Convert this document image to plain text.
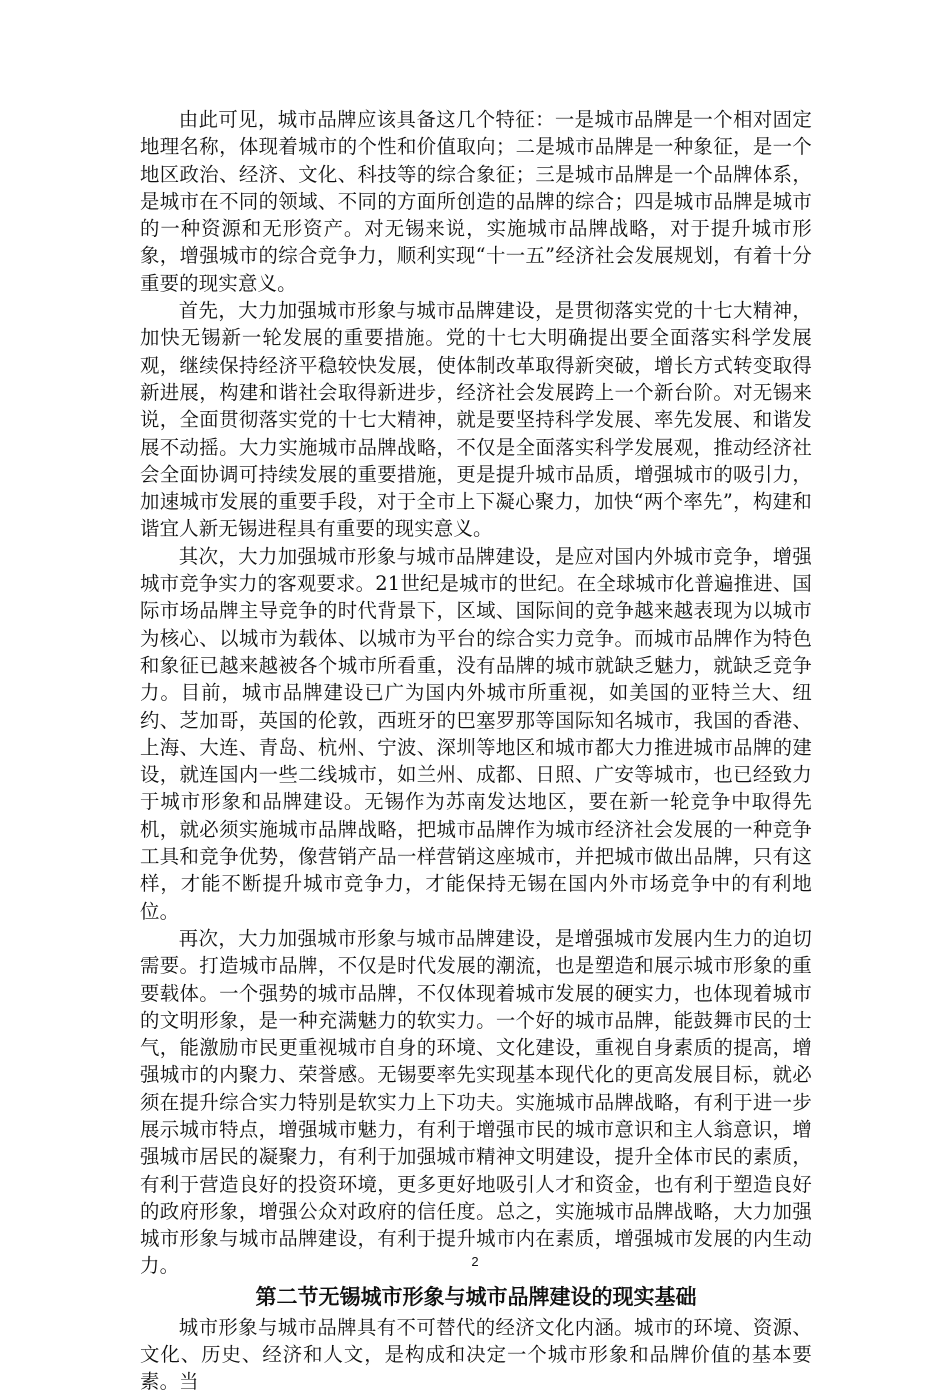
由此可见，城市品牌应该具备这几个特征：一是城市品牌是一个相对固定地理名称，体现着城市的个性和价值取向；二是城市品牌是一种象征，是一个地区政治、经济、文化、科技等的综合象征；三是城市品牌是一个品牌体系，是城市在不同的领域、不同的方面所创造的品牌的综合；四是城市品牌是城市的一种资源和无形资产。对无锡来说，实施城市品牌战略，对于提升城市形象，增强城市的综合竞争力，顺利实现“十一五”经济社会发展规划，有着十分重要的现实意义。

首先，大力加强城市形象与城市品牌建设，是贯彻落实党的十七大精神，加快无锡新一轮发展的重要措施。党的十七大明确提出要全面落实科学发展观，继续保持经济平稳较快发展，使体制改革取得新突破，增长方式转变取得新进展，构建和谐社会取得新进步，经济社会发展跨上一个新台阶。对无锡来说，全面贯彻落实党的十七大精神，就是要坚持科学发展、率先发展、和谐发展不动摇。大力实施城市品牌战略，不仅是全面落实科学发展观，推动经济社会全面协调可持续发展的重要措施，更是提升城市品质，增强城市的吸引力，加速城市发展的重要手段，对于全市上下凝心聚力，加快“两个率先”，构建和谐宜人新无锡进程具有重要的现实意义。

其次，大力加强城市形象与城市品牌建设，是应对国内外城市竞争，增强城市竞争实力的客观要求。21世纪是城市的世纪。在全球城市化普遍推进、国际市场品牌主导竞争的时代背景下，区域、国际间的竞争越来越表现为以城市为核心、以城市为载体、以城市为平台的综合实力竞争。而城市品牌作为特色和象征已越来越被各个城市所看重，没有品牌的城市就缺乏魅力，就缺乏竞争力。目前，城市品牌建设已广为国内外城市所重视，如美国的亚特兰大、纽约、芝加哥，英国的伦敦，西班牙的巴塞罗那等国际知名城市，我国的香港、上海、大连、青岛、杭州、宁波、深圳等地区和城市都大力推进城市品牌的建设，就连国内一些二线城市，如兰州、成都、日照、广安等城市，也已经致力于城市形象和品牌建设。无锡作为苏南发达地区，要在新一轮竞争中取得先机，就必须实施城市品牌战略，把城市品牌作为城市经济社会发展的一种竞争工具和竞争优势，像营销产品一样营销这座城市，并把城市做出品牌，只有这样，才能不断提升城市竞争力，才能保持无锡在国内外市场竞争中的有利地位。

再次，大力加强城市形象与城市品牌建设，是增强城市发展内生力的迫切需要。打造城市品牌，不仅是时代发展的潮流，也是塑造和展示城市形象的重要载体。一个强势的城市品牌，不仅体现着城市发展的硬实力，也体现着城市的文明形象，是一种充满魅力的软实力。一个好的城市品牌，能鼓舞市民的士气，能激励市民更重视城市自身的环境、文化建设，重视自身素质的提高，增强城市的内聚力、荣誉感。无锡要率先实现基本现代化的更高发展目标，就必须在提升综合实力特别是软实力上下功夫。实施城市品牌战略，有利于进一步展示城市特点，增强城市魅力，有利于增强市民的城市意识和主人翁意识，增强城市居民的凝聚力，有利于加强城市精神文明建设，提升全体市民的素质，有利于营造良好的投资环境，更多更好地吸引人才和资金，也有利于塑造良好的政府形象，增强公众对政府的信任度。总之，实施城市品牌战略，大力加强城市形象与城市品牌建设，有利于提升城市内在素质，增强城市发展的内生动力。

第二节无锡城市形象与城市品牌建设的现实基础

城市形象与城市品牌具有不可替代的经济文化内涵。城市的环境、资源、文化、历史、经济和人文，是构成和决定一个城市形象和品牌价值的基本要素。当

2
